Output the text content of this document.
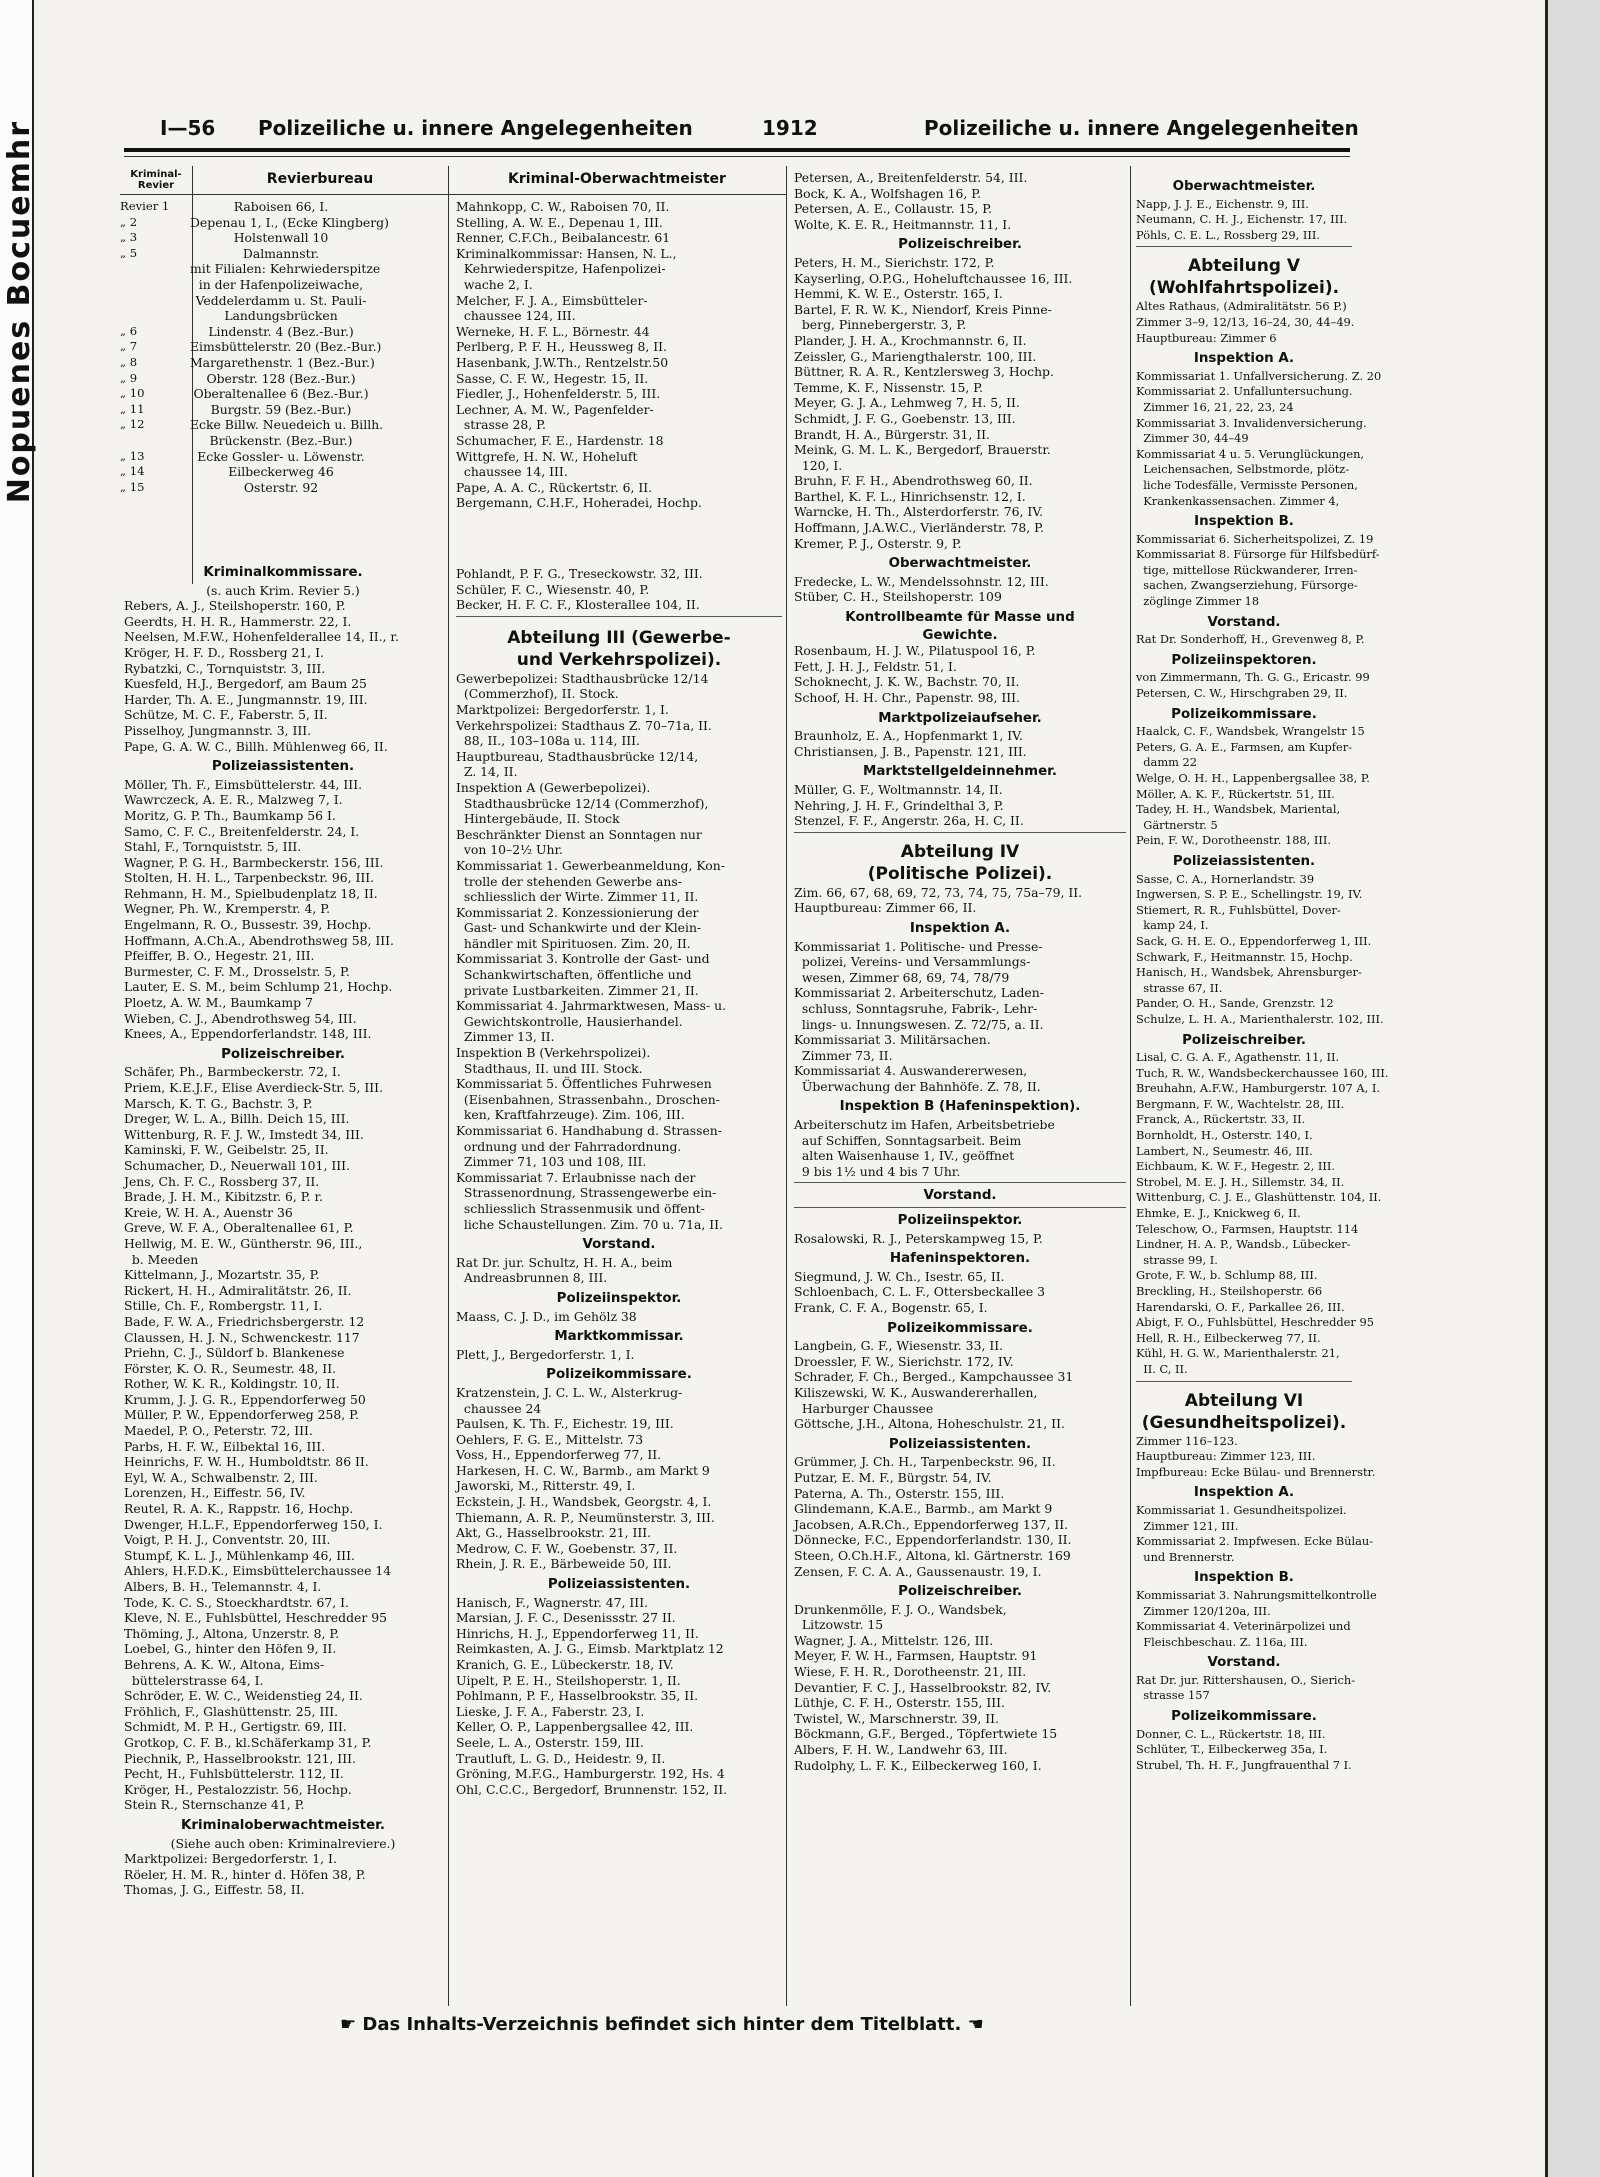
Nopuenes Bocuemhr	I—56 Polizeiliche u. innere Angelegenheiten	1912	Polizeiliche u. innere Angelegenheiten
Kriminal- Revier	Revierbureau	Kriminal-Oberwachtmeister
Revier 1	Raboisen 66, I.
„ 2	Depenau 1, I., (Ecke Klingberg)
„ 3	Holstenwall 10
„ 5	Dalmannstr.
mit Filialen: Kehrwiederspitze
in der Hafenpolizeiwache,
Veddelerdamm u. St. Pauli-
Landungsbrücken
„ 6	Lindenstr. 4 (Bez.-Bur.)
„ 7	Eimsbüttelerstr. 20 (Bez.-Bur.)
„ 8	Margarethenstr. 1 (Bez.-Bur.)
„ 9	Oberstr. 128 (Bez.-Bur.)
„ 10	Oberaltenallee 6 (Bez.-Bur.)
„ 11	Burgstr. 59 (Bez.-Bur.)
„ 12	Ecke Billw. Neuedeich u. Billh.
Brückenstr. (Bez.-Bur.)
„ 13	Ecke Gossler- u. Löwenstr.
„ 14	Eilbeckerweg 46
„ 15	Osterstr. 92
Mahnkopp, C. W., Raboisen 70, II.
Stelling, A. W. E., Depenau 1, III.
Renner, C.F.Ch., Beibalancestr. 61
Kriminalkommissar: Hansen, N. L.,
Kehrwiederspitze, Hafenpolizei-
wache 2, I.
Melcher, F. J. A., Eimsbütteler-
chaussee 124, III.
Werneke, H. F. L., Börnestr. 44
Perlberg, P. F. H., Heussweg 8, II.
Hasenbank, J.W.Th., Rentzelstr.50
Sasse, C. F. W., Hegestr. 15, II.
Fiedler, J., Hohenfelderstr. 5, III.
Lechner, A. M. W., Pagenfelder-
strasse 28, P.
Schumacher, F. E., Hardenstr. 18
Wittgrefe, H. N. W., Hoheluft
chaussee 14, III.
Pape, A. A. C., Rückertstr. 6, II.
Bergemann, C.H.F., Hoheradei, Hochp.
Kriminalkommissare.
(s. auch Krim. Revier 5.)
Rebers, A. J., Steilshoperstr. 160, P.
Geerdts, H. H. R., Hammerstr. 22, I.
Neelsen, M.F.W., Hohenfelderallee 14, II., r.
Kröger, H. F. D., Rossberg 21, I.
Rybatzki, C., Tornquiststr. 3, III.
Kuesfeld, H.J., Bergedorf, am Baum 25
Harder, Th. A. E., Jungmannstr. 19, III.
Schütze, M. C. F., Faberstr. 5, II.
Pisselhoy, Jungmannstr. 3, III.
Pape, G. A. W. C., Billh. Mühlenweg 66, II.
Polizeiassistenten.
Möller, Th. F., Eimsbüttelerstr. 44, III.
Wawrczeck, A. E. R., Malzweg 7, I.
Moritz, G. P. Th., Baumkamp 56 I.
Samo, C. F. C., Breitenfelderstr. 24, I.
Stahl, F., Tornquiststr. 5, III.
Wagner, P. G. H., Barmbeckerstr. 156, III.
Stolten, H. H. L., Tarpenbeckstr. 96, III.
Rehmann, H. M., Spielbudenplatz 18, II.
Wegner, Ph. W., Kremperstr. 4, P.
Engelmann, R. O., Bussestr. 39, Hochp.
Hoffmann, A.Ch.A., Abendrothsweg 58, III.
Pfeiffer, B. O., Hegestr. 21, III.
Burmester, C. F. M., Drosselstr. 5, P.
Lauter, E. S. M., beim Schlump 21, Hochp.
Ploetz, A. W. M., Baumkamp 7
Wieben, C. J., Abendrothsweg 54, III.
Knees, A., Eppendorferlandstr. 148, III.
Polizeischreiber.
Schäfer, Ph., Barmbeckerstr. 72, I.
Priem, K.E.J.F., Elise Averdieck-Str. 5, III.
Marsch, K. T. G., Bachstr. 3, P.
Dreger, W. L. A., Billh. Deich 15, III.
Wittenburg, R. F. J. W., Imstedt 34, III.
Kaminski, F. W., Geibelstr. 25, II.
Schumacher, D., Neuerwall 101, III.
Jens, Ch. F. C., Rossberg 37, II.
Brade, J. H. M., Kibitzstr. 6, P. r.
Kreie, W. H. A., Auenstr 36
Greve, W. F. A., Oberaltenallee 61, P.
Hellwig, M. E. W., Güntherstr. 96, III.,
b. Meeden
Kittelmann, J., Mozartstr. 35, P.
Rickert, H. H., Admiralitätstr. 26, II.
Stille, Ch. F., Rombergstr. 11, I.
Bade, F. W. A., Friedrichsbergerstr. 12
Claussen, H. J. N., Schwenckestr. 117
Priehn, C. J., Süldorf b. Blankenese
Förster, K. O. R., Seumestr. 48, II.
Rother, W. K. R., Koldingstr. 10, II.
Krumm, J. J. G. R., Eppendorferweg 50
Müller, P. W., Eppendorferweg 258, P.
Maedel, P. O., Peterstr. 72, III.
Parbs, H. F. W., Eilbektal 16, III.
Heinrichs, F. W. H., Humboldtstr. 86 II.
Eyl, W. A., Schwalbenstr. 2, III.
Lorenzen, H., Eiffestr. 56, IV.
Reutel, R. A. K., Rappstr. 16, Hochp.
Dwenger, H.L.F., Eppendorferweg 150, I.
Voigt, P. H. J., Conventstr. 20, III.
Stumpf, K. L. J., Mühlenkamp 46, III.
Ahlers, H.F.D.K., Eimsbüttelerchaussee 14
Albers, B. H., Telemannstr. 4, I.
Tode, K. C. S., Stoeckhardtstr. 67, I.
Kleve, N. E., Fuhlsbüttel, Heschredder 95
Thöming, J., Altona, Unzerstr. 8, P.
Loebel, G., hinter den Höfen 9, II.
Behrens, A. K. W., Altona, Eims-
büttelerstrasse 64, I.
Schröder, E. W. C., Weidenstieg 24, II.
Fröhlich, F., Glashüttenstr. 25, III.
Schmidt, M. P. H., Gertigstr. 69, III.
Grotkop, C. F. B., kl.Schäferkamp 31, P.
Piechnik, P., Hasselbrookstr. 121, III.
Pecht, H., Fuhlsbüttelerstr. 112, II.
Kröger, H., Pestalozzistr. 56, Hochp.
Stein R., Sternschanze 41, P.
Kriminaloberwachtmeister.
(Siehe auch oben: Kriminalreviere.)
Marktpolizei: Bergedorferstr. 1, I.
Röeler, H. M. R., hinter d. Höfen 38, P.
Thomas, J. G., Eiffestr. 58, II.
Pohlandt, P. F. G., Treseckowstr. 32, III.
Schüler, F. C., Wiesenstr. 40, P.
Becker, H. F. C. F., Klosterallee 104, II.
Abteilung III (Gewerbe-
und Verkehrspolizei).
Gewerbepolizei: Stadthausbrücke 12/14
(Commerzhof), II. Stock.
Marktpolizei: Bergedorferstr. 1, I.
Verkehrspolizei: Stadthaus Z. 70–71a, II.
88, II., 103–108a u. 114, III.
Hauptbureau, Stadthausbrücke 12/14,
Z. 14, II.
Inspektion A (Gewerbepolizei).
Stadthausbrücke 12/14 (Commerzhof),
Hintergebäude, II. Stock
Beschränkter Dienst an Sonntagen nur
von 10–2½ Uhr.
Kommissariat 1. Gewerbeanmeldung, Kon-
trolle der stehenden Gewerbe ans-
schliesslich der Wirte. Zimmer 11, II.
Kommissariat 2. Konzessionierung der
Gast- und Schankwirte und der Klein-
händler mit Spirituosen. Zim. 20, II.
Kommissariat 3. Kontrolle der Gast- und
Schankwirtschaften, öffentliche und
private Lustbarkeiten. Zimmer 21, II.
Kommissariat 4. Jahrmarktwesen, Mass- u.
Gewichtskontrolle, Hausierhandel.
Zimmer 13, II.
Inspektion B (Verkehrspolizei).
Stadthaus, II. und III. Stock.
Kommissariat 5. Öffentliches Fuhrwesen
(Eisenbahnen, Strassenbahn., Droschen-
ken, Kraftfahrzeuge). Zim. 106, III.
Kommissariat 6. Handhabung d. Strassen-
ordnung und der Fahrradordnung.
Zimmer 71, 103 und 108, III.
Kommissariat 7. Erlaubnisse nach der
Strassenordnung, Strassengewerbe ein-
schliesslich Strassenmusik und öffent-
liche Schaustellungen. Zim. 70 u. 71a, II.
Vorstand.
Rat Dr. jur. Schultz, H. H. A., beim
Andreasbrunnen 8, III.
Polizeiinspektor.
Maass, C. J. D., im Gehölz 38
Marktkommissar.
Plett, J., Bergedorferstr. 1, I.
Polizeikommissare.
Kratzenstein, J. C. L. W., Alsterkrug-
chaussee 24
Paulsen, K. Th. F., Eichestr. 19, III.
Oehlers, F. G. E., Mittelstr. 73
Voss, H., Eppendorferweg 77, II.
Harkesen, H. C. W., Barmb., am Markt 9
Jaworski, M., Ritterstr. 49, I.
Eckstein, J. H., Wandsbek, Georgstr. 4, I.
Thiemann, A. R. P., Neumünsterstr. 3, III.
Akt, G., Hasselbrookstr. 21, III.
Medrow, C. F. W., Goebenstr. 37, II.
Rhein, J. R. E., Bärbeweide 50, III.
Polizeiassistenten.
Hanisch, F., Wagnerstr. 47, III.
Marsian, J. F. C., Desenissstr. 27 II.
Hinrichs, H. J., Eppendorferweg 11, II.
Reimkasten, A. J. G., Eimsb. Marktplatz 12
Kranich, G. E., Lübeckerstr. 18, IV.
Uipelt, P. E. H., Steilshoperstr. 1, II.
Pohlmann, P. F., Hasselbrookstr. 35, II.
Lieske, J. F. A., Faberstr. 23, I.
Keller, O. P., Lappenbergsallee 42, III.
Seele, L. A., Osterstr. 159, III.
Trautluft, L. G. D., Heidestr. 9, II.
Gröning, M.F.G., Hamburgerstr. 192, Hs. 4
Ohl, C.C.C., Bergedorf, Brunnenstr. 152, II.
Petersen, A., Breitenfelderstr. 54, III.
Bock, K. A., Wolfshagen 16, P.
Petersen, A. E., Collaustr. 15, P.
Wolte, K. E. R., Heitmannstr. 11, I.
Polizeischreiber.
Peters, H. M., Sierichstr. 172, P.
Kayserling, O.P.G., Hoheluftchaussee 16, III.
Hemmi, K. W. E., Osterstr. 165, I.
Bartel, F. R. W. K., Niendorf, Kreis Pinne-
berg, Pinnebergerstr. 3, P.
Plander, J. H. A., Krochmannstr. 6, II.
Zeissler, G., Mariengthalerstr. 100, III.
Büttner, R. A. R., Kentzlersweg 3, Hochp.
Temme, K. F., Nissenstr. 15, P.
Meyer, G. J. A., Lehmweg 7, H. 5, II.
Schmidt, J. F. G., Goebenstr. 13, III.
Brandt, H. A., Bürgerstr. 31, II.
Meink, G. M. L. K., Bergedorf, Brauerstr.
120, I.
Bruhn, F. F. H., Abendrothsweg 60, II.
Barthel, K. F. L., Hinrichsenstr. 12, I.
Warncke, H. Th., Alsterdorferstr. 76, IV.
Hoffmann, J.A.W.C., Vierländerstr. 78, P.
Kremer, P. J., Osterstr. 9, P.
Oberwachtmeister.
Fredecke, L. W., Mendelssohnstr. 12, III.
Stüber, C. H., Steilshoperstr. 109
Kontrollbeamte für Masse und
Gewichte.
Rosenbaum, H. J. W., Pilatuspool 16, P.
Fett, J. H. J., Feldstr. 51, I.
Schoknecht, J. K. W., Bachstr. 70, II.
Schoof, H. H. Chr., Papenstr. 98, III.
Marktpolizeiaufseher.
Braunholz, E. A., Hopfenmarkt 1, IV.
Christiansen, J. B., Papenstr. 121, III.
Marktstellgeldeinnehmer.
Müller, G. F., Woltmannstr. 14, II.
Nehring, J. H. F., Grindelthal 3, P.
Stenzel, F. F., Angerstr. 26a, H. C, II.
Abteilung IV
(Politische Polizei).
Zim. 66, 67, 68, 69, 72, 73, 74, 75, 75a–79, II.
Hauptbureau: Zimmer 66, II.
Inspektion A.
Kommissariat 1. Politische- und Presse-
polizei, Vereins- und Versammlungs-
wesen, Zimmer 68, 69, 74, 78/79
Kommissariat 2. Arbeiterschutz, Laden-
schluss, Sonntagsruhe, Fabrik-, Lehr-
lings- u. Innungswesen. Z. 72/75, a. II.
Kommissariat 3. Militärsachen.
Zimmer 73, II.
Kommissariat 4. Auswandererwesen,
Überwachung der Bahnhöfe. Z. 78, II.
Inspektion B (Hafeninspektion).
Arbeiterschutz im Hafen, Arbeitsbetriebe
auf Schiffen, Sonntagsarbeit. Beim
alten Waisenhause 1, IV., geöffnet
9 bis 1½ und 4 bis 7 Uhr.
Vorstand.
Polizeiinspektor.
Rosalowski, R. J., Peterskampweg 15, P.
Hafeninspektoren.
Siegmund, J. W. Ch., Isestr. 65, II.
Schloenbach, C. L. F., Ottersbeckallee 3
Frank, C. F. A., Bogenstr. 65, I.
Polizeikommissare.
Langbein, G. F., Wiesenstr. 33, II.
Droessler, F. W., Sierichstr. 172, IV.
Schrader, F. Ch., Berged., Kampchaussee 31
Kiliszewski, W. K., Auswandererhallen,
Harburger Chaussee
Göttsche, J.H., Altona, Hoheschulstr. 21, II.
Polizeiassistenten.
Grümmer, J. Ch. H., Tarpenbeckstr. 96, II.
Putzar, E. M. F., Bürgstr. 54, IV.
Paterna, A. Th., Osterstr. 155, III.
Glindemann, K.A.E., Barmb., am Markt 9
Jacobsen, A.R.Ch., Eppendorferweg 137, II.
Dönnecke, F.C., Eppendorferlandstr. 130, II.
Steen, O.Ch.H.F., Altona, kl. Gärtnerstr. 169
Zensen, F. C. A. A., Gaussenaustr. 19, I.
Polizeischreiber.
Drunkenmölle, F. J. O., Wandsbek,
Litzowstr. 15
Wagner, J. A., Mittelstr. 126, III.
Meyer, F. W. H., Farmsen, Hauptstr. 91
Wiese, F. H. R., Dorotheenstr. 21, III.
Devantier, F. C. J., Hasselbrookstr. 82, IV.
Lüthje, C. F. H., Osterstr. 155, III.
Twistel, W., Marschnerstr. 39, II.
Böckmann, G.F., Berged., Töpfertwiete 15
Albers, F. H. W., Landwehr 63, III.
Rudolphy, L. F. K., Eilbeckerweg 160, I.
Oberwachtmeister.
Napp, J. J. E., Eichenstr. 9, III.
Neumann, C. H. J., Eichenstr. 17, III.
Pöhls, C. E. L., Rossberg 29, III.
Abteilung V
(Wohlfahrtspolizei).
Altes Rathaus, (Admiralitätstr. 56 P.)
Zimmer 3–9, 12/13, 16–24, 30, 44–49.
Hauptbureau: Zimmer 6
Inspektion A.
Kommissariat 1. Unfallversicherung. Z. 20
Kommissariat 2. Unfalluntersuchung.
Zimmer 16, 21, 22, 23, 24
Kommissariat 3. Invalidenversicherung.
Zimmer 30, 44–49
Kommissariat 4 u. 5. Verunglückungen,
Leichensachen, Selbstmorde, plötz-
liche Todesfälle, Vermisste Personen,
Krankenkassensachen. Zimmer 4,
Inspektion B.
Kommissariat 6. Sicherheitspolizei, Z. 19
Kommissariat 8. Fürsorge für Hilfsbedürf-
tige, mittellose Rückwanderer, Irren-
sachen, Zwangserziehung, Fürsorge-
zöglinge Zimmer 18
Vorstand.
Rat Dr. Sonderhoff, H., Grevenweg 8, P.
Polizeiinspektoren.
von Zimmermann, Th. G. G., Ericastr. 99
Petersen, C. W., Hirschgraben 29, II.
Polizeikommissare.
Haalck, C. F., Wandsbek, Wrangelstr 15
Peters, G. A. E., Farmsen, am Kupfer-
damm 22
Welge, O. H. H., Lappenbergsallee 38, P.
Möller, A. K. F., Rückertstr. 51, III.
Tadey, H. H., Wandsbek, Mariental,
Gärtnerstr. 5
Pein, F. W., Dorotheenstr. 188, III.
Polizeiassistenten.
Sasse, C. A., Hornerlandstr. 39
Ingwersen, S. P. E., Schellingstr. 19, IV.
Stiemert, R. R., Fuhlsbüttel, Dover-
kamp 24, I.
Sack, G. H. E. O., Eppendorferweg 1, III.
Schwark, F., Heitmannstr. 15, Hochp.
Hanisch, H., Wandsbek, Ahrensburger-
strasse 67, II.
Pander, O. H., Sande, Grenzstr. 12
Schulze, L. H. A., Marienthalerstr. 102, III.
Polizeischreiber.
Lisal, C. G. A. F., Agathenstr. 11, II.
Tuch, R. W., Wandsbeckerchaussee 160, III.
Breuhahn, A.F.W., Hamburgerstr. 107 A, I.
Bergmann, F. W., Wachtelstr. 28, III.
Franck, A., Rückertstr. 33, II.
Bornholdt, H., Osterstr. 140, I.
Lambert, N., Seumestr. 46, III.
Eichbaum, K. W. F., Hegestr. 2, III.
Strobel, M. E. J. H., Sillemstr. 34, II.
Wittenburg, C. J. E., Glashüttenstr. 104, II.
Ehmke, E. J., Knickweg 6, II.
Teleschow, O., Farmsen, Hauptstr. 114
Lindner, H. A. P., Wandsb., Lübecker-
strasse 99, I.
Grote, F. W., b. Schlump 88, III.
Breckling, H., Steilshoperstr. 66
Harendarski, O. F., Parkallee 26, III.
Abigt, F. O., Fuhlsbüttel, Heschredder 95
Hell, R. H., Eilbeckerweg 77, II.
Kühl, H. G. W., Marienthalerstr. 21,
II. C, II.
Abteilung VI
(Gesundheitspolizei).
Zimmer 116–123.
Hauptbureau: Zimmer 123, III.
Impfbureau: Ecke Bülau- und Brennerstr.
Inspektion A.
Kommissariat 1. Gesundheitspolizei.
Zimmer 121, III.
Kommissariat 2. Impfwesen. Ecke Bülau-
und Brennerstr.
Inspektion B.
Kommissariat 3. Nahrungsmittelkontrolle
Zimmer 120/120a, III.
Kommissariat 4. Veterinärpolizei und
Fleischbeschau. Z. 116a, III.
Vorstand.
Rat Dr. jur. Rittershausen, O., Sierich-
strasse 157
Polizeikommissare.
Donner, C. L., Rückertstr. 18, III.
Schlüter, T., Eilbeckerweg 35a, I.
Strubel, Th. H. F., Jungfrauenthal 7 I.
☛ Das Inhalts-Verzeichnis befindet sich hinter dem Titelblatt. ☚
